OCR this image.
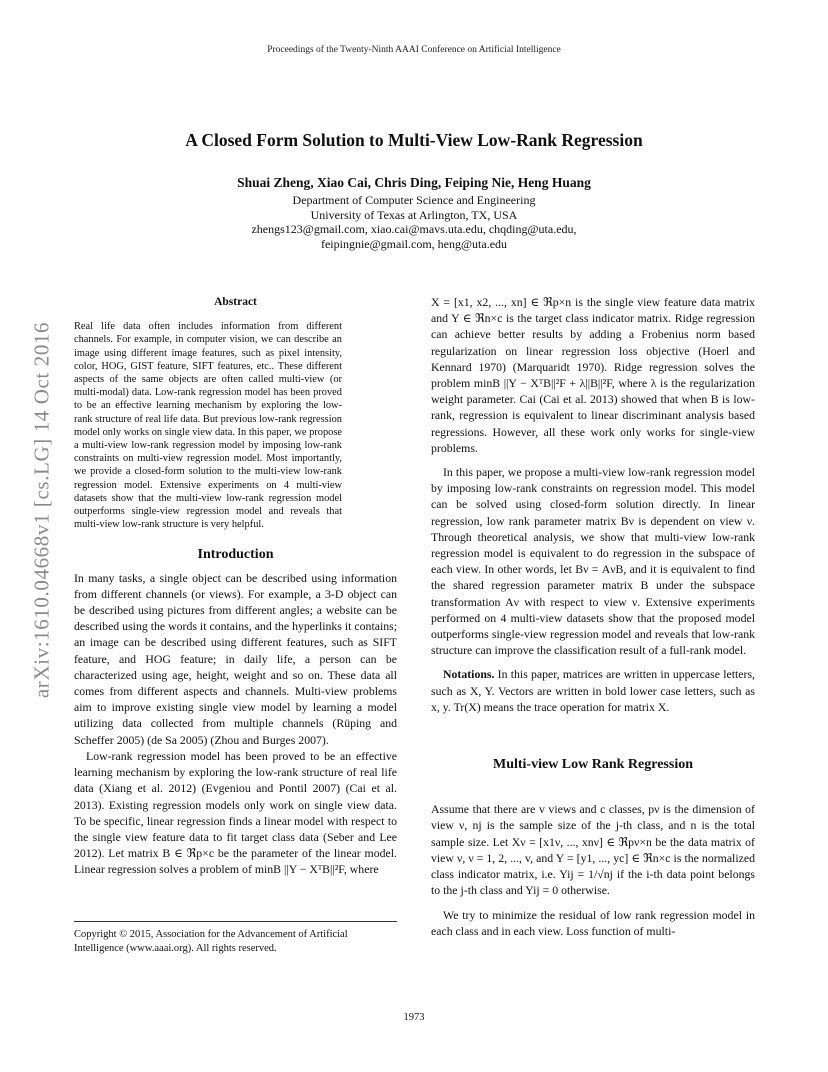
Proceedings of the Twenty-Ninth AAAI Conference on Artificial Intelligence
arXiv:1610.04668v1 [cs.LG] 14 Oct 2016
A Closed Form Solution to Multi-View Low-Rank Regression
Shuai Zheng, Xiao Cai, Chris Ding, Feiping Nie, Heng Huang
Department of Computer Science and Engineering
University of Texas at Arlington, TX, USA
zhengs123@gmail.com, xiao.cai@mavs.uta.edu, chqding@uta.edu,
feipingnie@gmail.com, heng@uta.edu
Abstract

Real life data often includes information from different channels. For example, in computer vision, we can describe an image using different image features, such as pixel intensity, color, HOG, GIST feature, SIFT features, etc.. These different aspects of the same objects are often called multi-view (or multi-modal) data. Low-rank regression model has been proved to be an effective learning mechanism by exploring the low-rank structure of real life data. But previous low-rank regression model only works on single view data. In this paper, we propose a multi-view low-rank regression model by imposing low-rank constraints on multi-view regression model. Most importantly, we provide a closed-form solution to the multi-view low-rank regression model. Extensive experiments on 4 multi-view datasets show that the multi-view low-rank regression model outperforms single-view regression model and reveals that multi-view low-rank structure is very helpful.

Introduction

In many tasks, a single object can be described using information from different channels (or views). For example, a 3-D object can be described using pictures from different angles; a website can be described using the words it contains, and the hyperlinks it contains; an image can be described using different features, such as SIFT feature, and HOG feature; in daily life, a person can be characterized using age, height, weight and so on. These data all comes from different aspects and channels. Multi-view problems aim to improve existing single view model by learning a model utilizing data collected from multiple channels (Rüping and Scheffer 2005) (de Sa 2005) (Zhou and Burges 2007).

Low-rank regression model has been proved to be an effective learning mechanism by exploring the low-rank structure of real life data (Xiang et al. 2012) (Evgeniou and Pontil 2007) (Cai et al. 2013). Existing regression models only work on single view data. To be specific, linear regression finds a linear model with respect to the single view feature data to fit target class data (Seber and Lee 2012). Let matrix B ∈ ℜp×c be the parameter of the linear model. Linear regression solves a problem of minB ||Y − XᵀB||²F, where

Copyright © 2015, Association for the Advancement of Artificial Intelligence (www.aaai.org). All rights reserved.

X = [x1, x2, ..., xn] ∈ ℜp×n is the single view feature data matrix and Y ∈ ℜn×c is the target class indicator matrix. Ridge regression can achieve better results by adding a Frobenius norm based regularization on linear regression loss objective (Hoerl and Kennard 1970) (Marquaridt 1970). Ridge regression solves the problem minB ||Y − XᵀB||²F + λ||B||²F, where λ is the regularization weight parameter. Cai (Cai et al. 2013) showed that when B is low-rank, regression is equivalent to linear discriminant analysis based regressions. However, all these work only works for single-view problems.

In this paper, we propose a multi-view low-rank regression model by imposing low-rank constraints on regression model. This model can be solved using closed-form solution directly. In linear regression, low rank parameter matrix Bν is dependent on view ν. Through theoretical analysis, we show that multi-view low-rank regression model is equivalent to do regression in the subspace of each view. In other words, let Bν = AνB, and it is equivalent to find the shared regression parameter matrix B under the subspace transformation Aν with respect to view ν. Extensive experiments performed on 4 multi-view datasets show that the proposed model outperforms single-view regression model and reveals that low-rank structure can improve the classification result of a full-rank model.

Notations. In this paper, matrices are written in uppercase letters, such as X, Y. Vectors are written in bold lower case letters, such as x, y. Tr(X) means the trace operation for matrix X.

Multi-view Low Rank Regression

Assume that there are v views and c classes, pν is the dimension of view ν, nj is the sample size of the j-th class, and n is the total sample size. Let Xν = [x1ν, ..., xnν] ∈ ℜpν×n be the data matrix of view ν, ν = 1, 2, ..., v, and Y = [y1, ..., yc] ∈ ℜn×c is the normalized class indicator matrix, i.e. Yij = 1/√nj if the i-th data point belongs to the j-th class and Yij = 0 otherwise.

We try to minimize the residual of low rank regression model in each class and in each view. Loss function of multi-

1973
